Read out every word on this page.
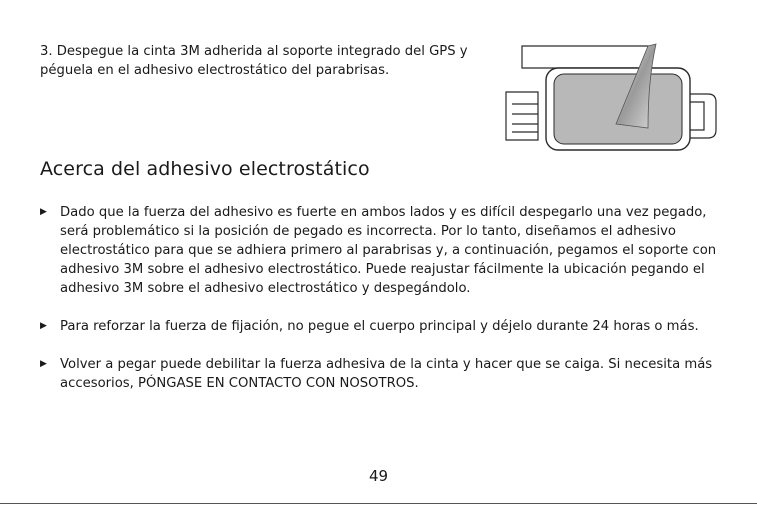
3. Despegue la cinta 3M adherida al soporte integrado del GPS y péguela en el adhesivo electrostático del parabrisas.

Acerca del adhesivo electrostático
▶ Dado que la fuerza del adhesivo es fuerte en ambos lados y es difícil despegarlo una vez pegado, será problemático si la posición de pegado es incorrecta. Por lo tanto, diseñamos el adhesivo electrostático para que se adhiera primero al parabrisas y, a continuación, pegamos el soporte con adhesivo 3M sobre el adhesivo electrostático. Puede reajustar fácilmente la ubicación pegando el adhesivo 3M sobre el adhesivo electrostático y despegándolo.
▶ Para reforzar la fuerza de fijación, no pegue el cuerpo principal y déjelo durante 24 horas o más.
▶ Volver a pegar puede debilitar la fuerza adhesiva de la cinta y hacer que se caiga. Si necesita más accesorios, PÓNGASE EN CONTACTO CON NOSOTROS.
49
